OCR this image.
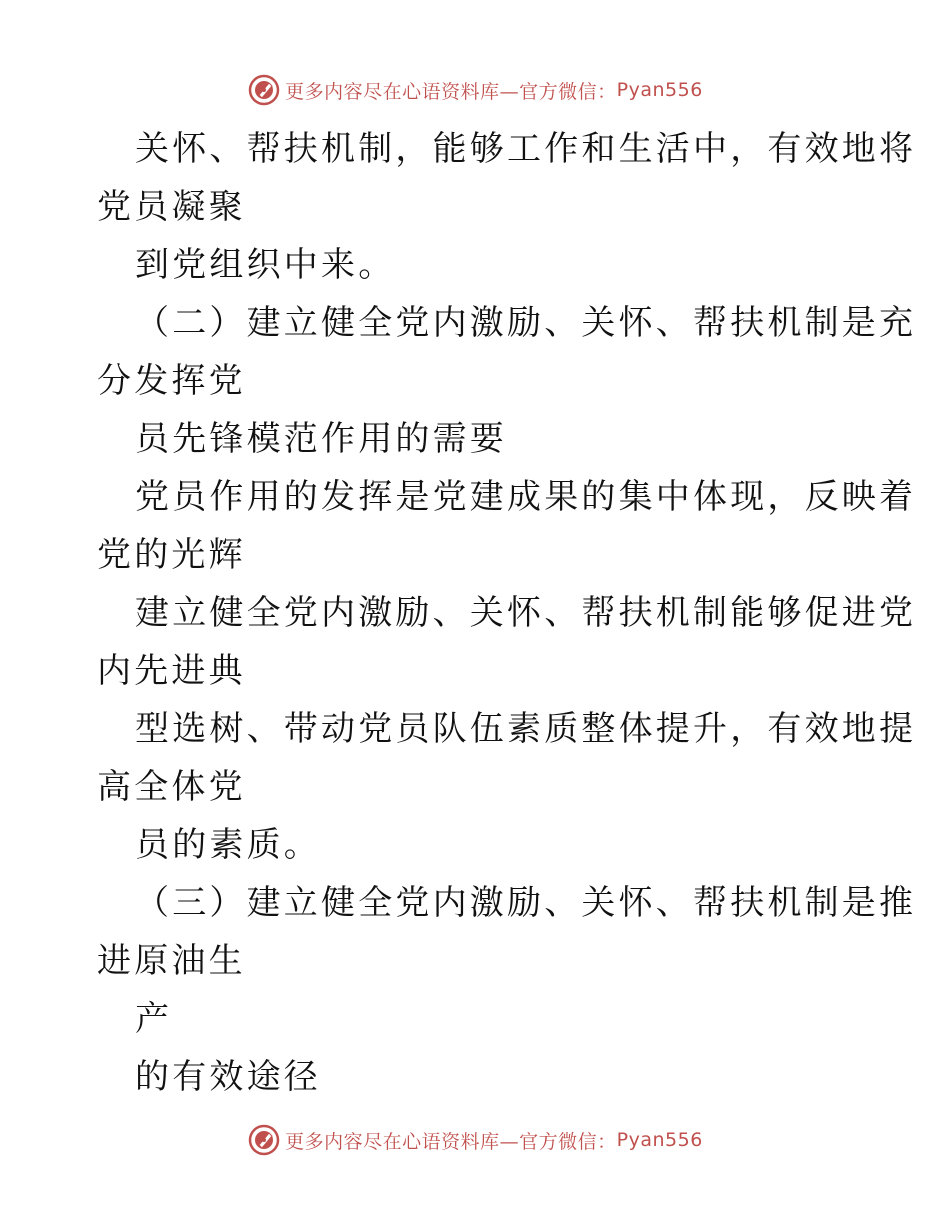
更多内容尽在心语资料库—官方微信： Pyan556
关怀、帮扶机制，能够工作和生活中，有效地将
党员凝聚
到党组织中来。
（二）建立健全党内激励、关怀、帮扶机制是充
分发挥党
员先锋模范作用的需要
党员作用的发挥是党建成果的集中体现，反映着
党的光辉
建立健全党内激励、关怀、帮扶机制能够促进党
内先进典
型选树、带动党员队伍素质整体提升，有效地提
高全体党
员的素质。
（三）建立健全党内激励、关怀、帮扶机制是推
进原油生
产
的有效途径
更多内容尽在心语资料库—官方微信： Pyan556
